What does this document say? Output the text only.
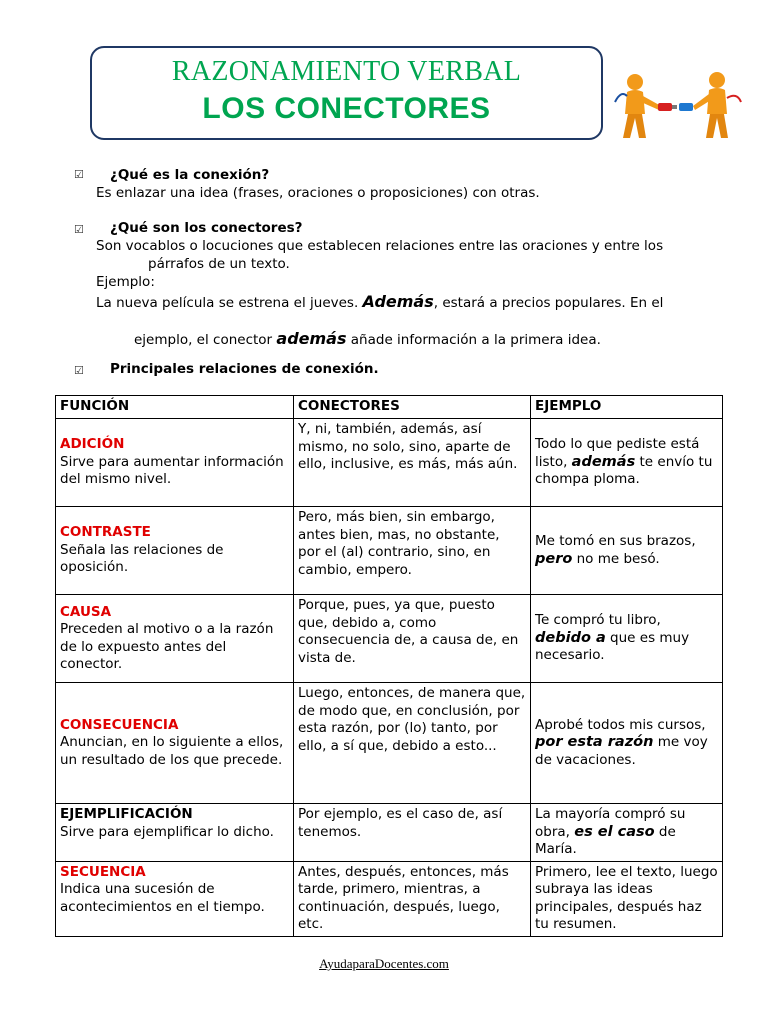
RAZONAMIENTO VERBAL
LOS CONECTORES
☑	¿Qué es la conexión?
Es enlazar una idea (frases, oraciones o proposiciones) con otras.
☑	¿Qué son los conectores?
Son vocablos o locuciones que establecen relaciones entre las oraciones y entre los
párrafos de un texto.
Ejemplo:
La nueva película se estrena el jueves. Además, estará a precios populares. En el
ejemplo, el conector además añade información a la primera idea.
☑	Principales relaciones de conexión.
FUNCIÓN	CONECTORES	EJEMPLO

ADICIÓN
Sirve para aumentar información del mismo nivel.	Y, ni, también, además, así mismo, no solo, sino, aparte de ello, inclusive, es más, más aún.	Todo lo que pediste está listo, además te envío tu chompa ploma.

CONTRASTE
Señala las relaciones de oposición.	Pero, más bien, sin embargo, antes bien, mas, no obstante, por el (al) contrario, sino, en cambio, empero.	Me tomó en sus brazos, pero no me besó.

CAUSA
Preceden al motivo o a la razón de lo expuesto antes del conector.	Porque, pues, ya que, puesto que, debido a, como consecuencia de, a causa de, en vista de.	Te compró tu libro, debido a que es muy necesario.

CONSECUENCIA
Anuncian, en lo siguiente a ellos, un resultado de los que precede.	Luego, entonces, de manera que, de modo que, en conclusión, por esta razón, por (lo) tanto, por ello, a sí que, debido a esto...	Aprobé todos mis cursos, por esta razón me voy de vacaciones.

EJEMPLIFICACIÓN
Sirve para ejemplificar lo dicho.	Por ejemplo, es el caso de, así tenemos.	La mayoría compró su obra, es el caso de María.

SECUENCIA
Indica una sucesión de acontecimientos en el tiempo.	Antes, después, entonces, más tarde, primero, mientras, a continuación, después, luego, etc.	Primero, lee el texto, luego subraya las ideas principales, después haz tu resumen.
AyudaparaDocentes.com
